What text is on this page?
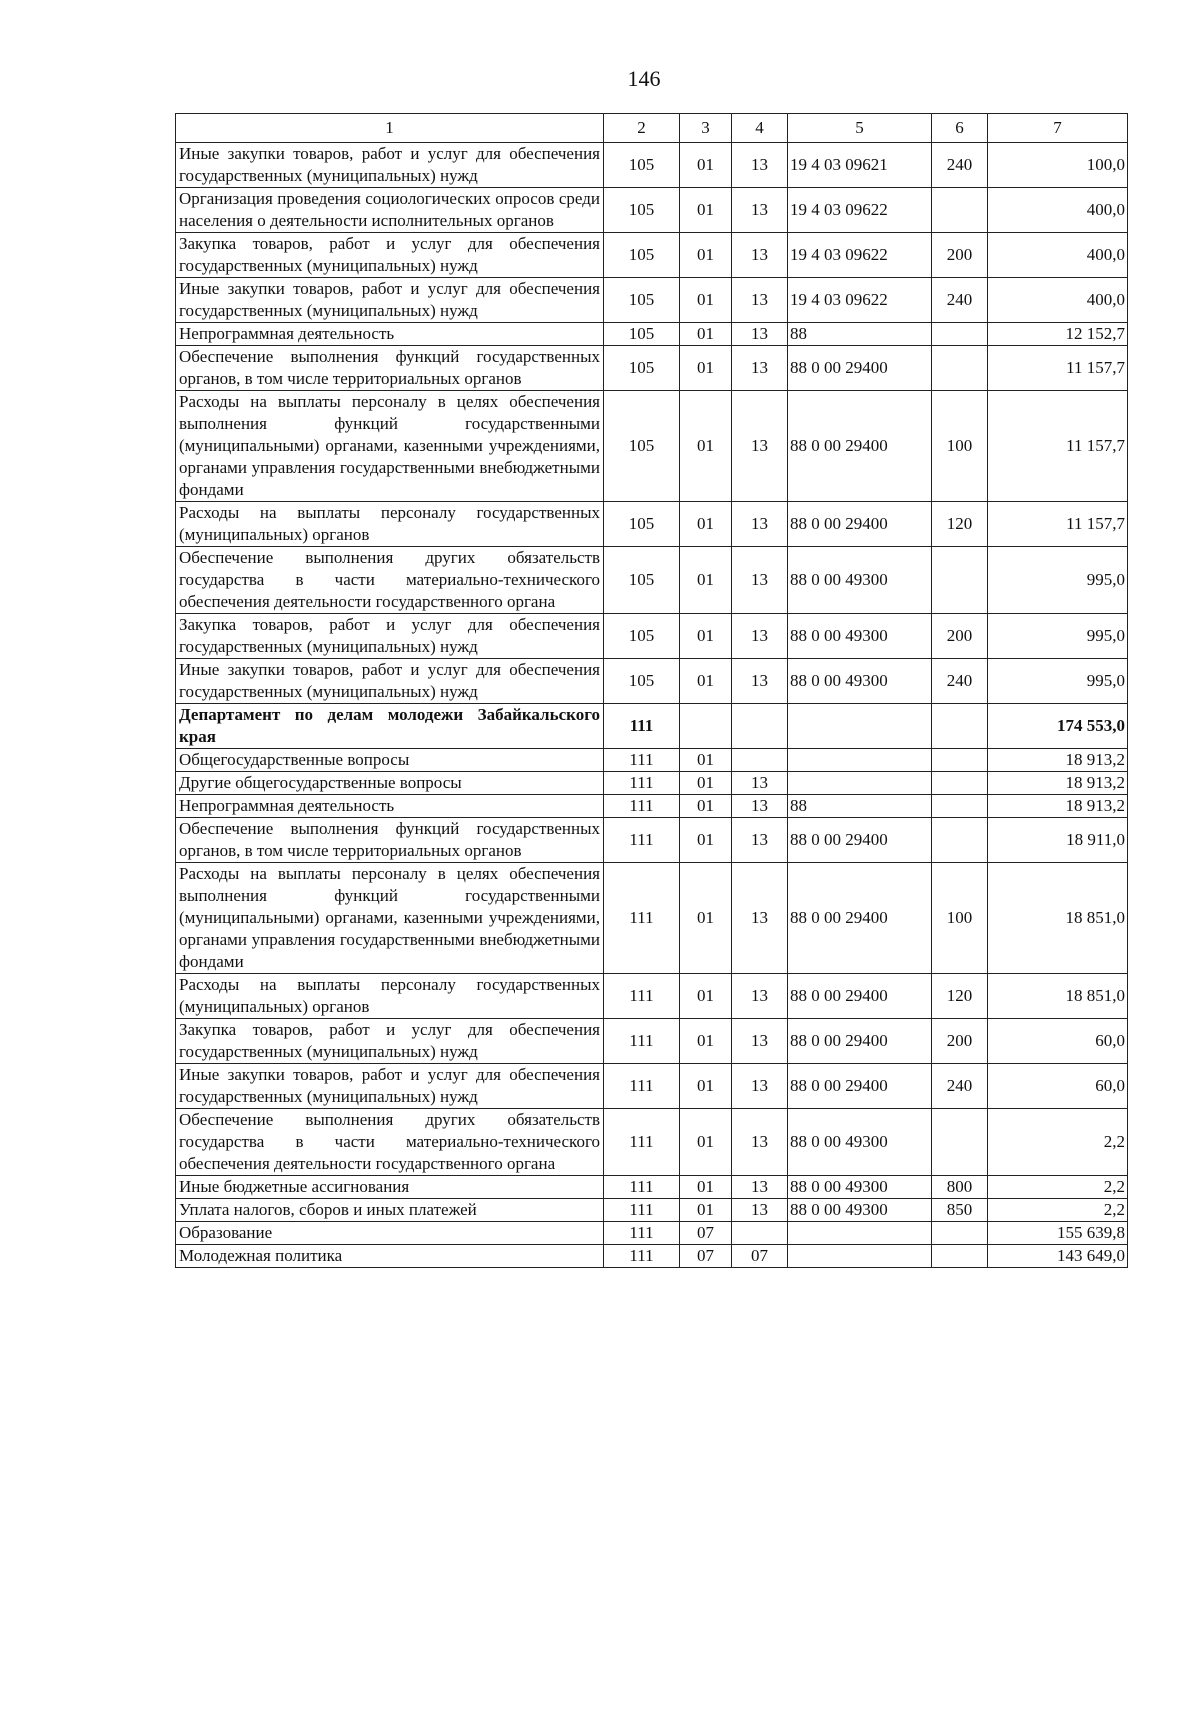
146
1	2	3	4	5	6	7
Иные закупки товаров, работ и услуг для обеспечения государственных (муниципальных) нужд	105	01	13	19 4 03 09621	240	100,0
Организация проведения социологических опросов среди населения о деятельности исполнительных органов	105	01	13	19 4 03 09622		400,0
Закупка товаров, работ и услуг для обеспечения государственных (муниципальных) нужд	105	01	13	19 4 03 09622	200	400,0
Иные закупки товаров, работ и услуг для обеспечения государственных (муниципальных) нужд	105	01	13	19 4 03 09622	240	400,0
Непрограммная деятельность	105	01	13	88		12 152,7
Обеспечение выполнения функций государственных органов, в том числе территориальных органов	105	01	13	88 0 00 29400		11 157,7
Расходы на выплаты персоналу в целях обеспечения выполнения функций государственными (муниципальными) органами, казенными учреждениями, органами управления государственными внебюджетными фондами	105	01	13	88 0 00 29400	100	11 157,7
Расходы на выплаты персоналу государственных (муниципальных) органов	105	01	13	88 0 00 29400	120	11 157,7
Обеспечение выполнения других обязательств государства в части материально-технического обеспечения деятельности государственного органа	105	01	13	88 0 00 49300		995,0
Закупка товаров, работ и услуг для обеспечения государственных (муниципальных) нужд	105	01	13	88 0 00 49300	200	995,0
Иные закупки товаров, работ и услуг для обеспечения государственных (муниципальных) нужд	105	01	13	88 0 00 49300	240	995,0
Департамент по делам молодежи Забайкальского края	111					174 553,0
Общегосударственные вопросы	111	01				18 913,2
Другие общегосударственные вопросы	111	01	13			18 913,2
Непрограммная деятельность	111	01	13	88		18 913,2
Обеспечение выполнения функций государственных органов, в том числе территориальных органов	111	01	13	88 0 00 29400		18 911,0
Расходы на выплаты персоналу в целях обеспечения выполнения функций государственными (муниципальными) органами, казенными учреждениями, органами управления государственными внебюджетными фондами	111	01	13	88 0 00 29400	100	18 851,0
Расходы на выплаты персоналу государственных (муниципальных) органов	111	01	13	88 0 00 29400	120	18 851,0
Закупка товаров, работ и услуг для обеспечения государственных (муниципальных) нужд	111	01	13	88 0 00 29400	200	60,0
Иные закупки товаров, работ и услуг для обеспечения государственных (муниципальных) нужд	111	01	13	88 0 00 29400	240	60,0
Обеспечение выполнения других обязательств государства в части материально-технического обеспечения деятельности государственного органа	111	01	13	88 0 00 49300		2,2
Иные бюджетные ассигнования	111	01	13	88 0 00 49300	800	2,2
Уплата налогов, сборов и иных платежей	111	01	13	88 0 00 49300	850	2,2
Образование	111	07				155 639,8
Молодежная политика	111	07	07			143 649,0
